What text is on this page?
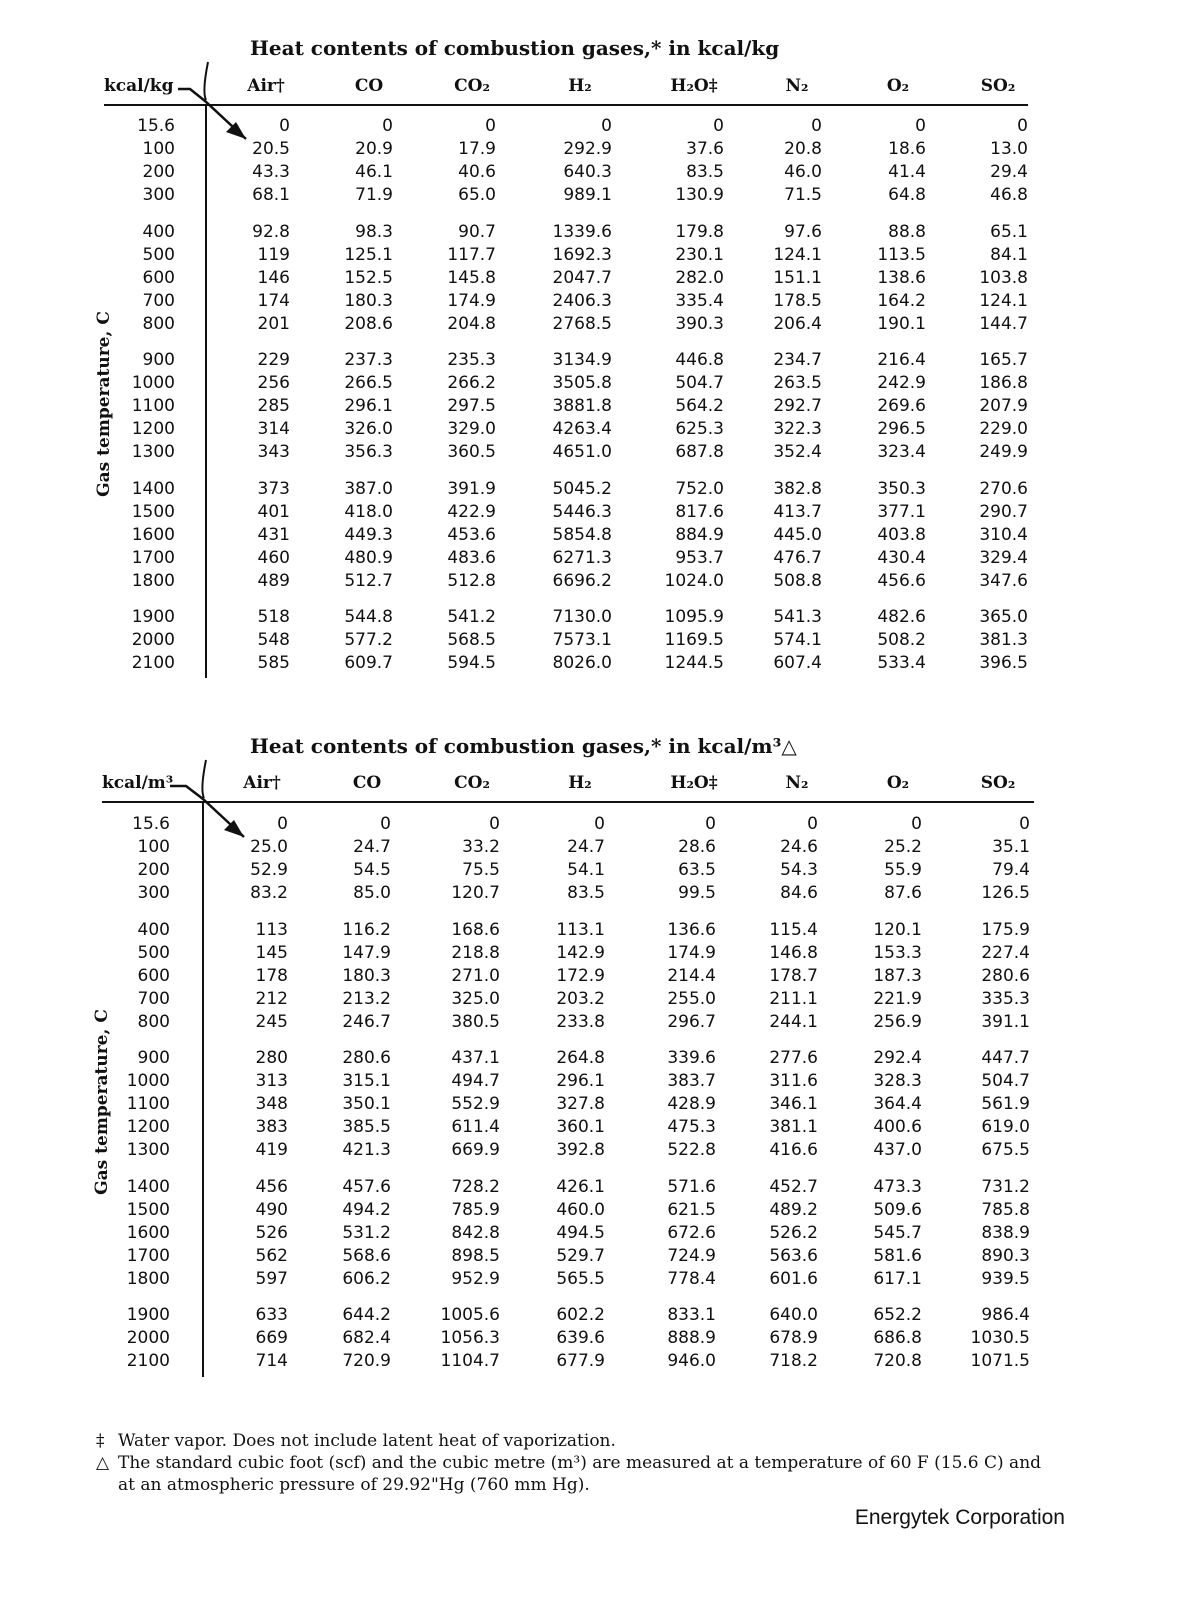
Heat contents of combustion gases,* in kcal/kg
kcal/kg	Air†	CO	CO₂	H₂	H₂O‡	N₂	O₂	SO₂
Gas temperature, C
15.6	0	0	0	0	0	0	0	0
100	20.5	20.9	17.9	292.9	37.6	20.8	18.6	13.0
200	43.3	46.1	40.6	640.3	83.5	46.0	41.4	29.4
300	68.1	71.9	65.0	989.1	130.9	71.5	64.8	46.8
400	92.8	98.3	90.7	1339.6	179.8	97.6	88.8	65.1
500	119	125.1	117.7	1692.3	230.1	124.1	113.5	84.1
600	146	152.5	145.8	2047.7	282.0	151.1	138.6	103.8
700	174	180.3	174.9	2406.3	335.4	178.5	164.2	124.1
800	201	208.6	204.8	2768.5	390.3	206.4	190.1	144.7
900	229	237.3	235.3	3134.9	446.8	234.7	216.4	165.7
1000	256	266.5	266.2	3505.8	504.7	263.5	242.9	186.8
1100	285	296.1	297.5	3881.8	564.2	292.7	269.6	207.9
1200	314	326.0	329.0	4263.4	625.3	322.3	296.5	229.0
1300	343	356.3	360.5	4651.0	687.8	352.4	323.4	249.9
1400	373	387.0	391.9	5045.2	752.0	382.8	350.3	270.6
1500	401	418.0	422.9	5446.3	817.6	413.7	377.1	290.7
1600	431	449.3	453.6	5854.8	884.9	445.0	403.8	310.4
1700	460	480.9	483.6	6271.3	953.7	476.7	430.4	329.4
1800	489	512.7	512.8	6696.2	1024.0	508.8	456.6	347.6
1900	518	544.8	541.2	7130.0	1095.9	541.3	482.6	365.0
2000	548	577.2	568.5	7573.1	1169.5	574.1	508.2	381.3
2100	585	609.7	594.5	8026.0	1244.5	607.4	533.4	396.5
Heat contents of combustion gases,* in kcal/m³△
kcal/m³	Air†	CO	CO₂	H₂	H₂O‡	N₂	O₂	SO₂
Gas temperature, C
15.6	0	0	0	0	0	0	0	0
100	25.0	24.7	33.2	24.7	28.6	24.6	25.2	35.1
200	52.9	54.5	75.5	54.1	63.5	54.3	55.9	79.4
300	83.2	85.0	120.7	83.5	99.5	84.6	87.6	126.5
400	113	116.2	168.6	113.1	136.6	115.4	120.1	175.9
500	145	147.9	218.8	142.9	174.9	146.8	153.3	227.4
600	178	180.3	271.0	172.9	214.4	178.7	187.3	280.6
700	212	213.2	325.0	203.2	255.0	211.1	221.9	335.3
800	245	246.7	380.5	233.8	296.7	244.1	256.9	391.1
900	280	280.6	437.1	264.8	339.6	277.6	292.4	447.7
1000	313	315.1	494.7	296.1	383.7	311.6	328.3	504.7
1100	348	350.1	552.9	327.8	428.9	346.1	364.4	561.9
1200	383	385.5	611.4	360.1	475.3	381.1	400.6	619.0
1300	419	421.3	669.9	392.8	522.8	416.6	437.0	675.5
1400	456	457.6	728.2	426.1	571.6	452.7	473.3	731.2
1500	490	494.2	785.9	460.0	621.5	489.2	509.6	785.8
1600	526	531.2	842.8	494.5	672.6	526.2	545.7	838.9
1700	562	568.6	898.5	529.7	724.9	563.6	581.6	890.3
1800	597	606.2	952.9	565.5	778.4	601.6	617.1	939.5
1900	633	644.2	1005.6	602.2	833.1	640.0	652.2	986.4
2000	669	682.4	1056.3	639.6	888.9	678.9	686.8	1030.5
2100	714	720.9	1104.7	677.9	946.0	718.2	720.8	1071.5
‡ Water vapor. Does not include latent heat of vaporization.
△ The standard cubic foot (scf) and the cubic metre (m³) are measured at a temperature of 60 F (15.6 C) and at an atmospheric pressure of 29.92"Hg (760 mm Hg).
Energytek Corporation
